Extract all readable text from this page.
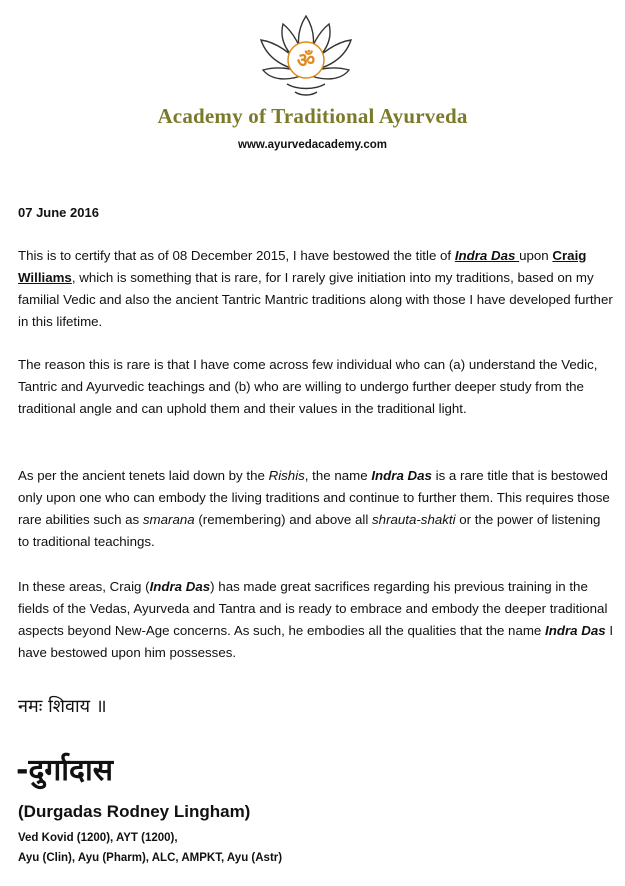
ॐ
Academy of Traditional Ayurveda
www.ayurvedacademy.com
07 June 2016

This is to certify that as of 08 December 2015, I have bestowed the title of Indra Das upon Craig Williams, which is something that is rare, for I rarely give initiation into my traditions, based on my familial Vedic and also the ancient Tantric Mantric traditions along with those I have developed further in this lifetime.

The reason this is rare is that I have come across few individual who can (a) understand the Vedic, Tantric and Ayurvedic teachings and (b) who are willing to undergo further deeper study from the traditional angle and can uphold them and their values in the traditional light.

As per the ancient tenets laid down by the Rishis, the name Indra Das is a rare title that is bestowed only upon one who can embody the living traditions and continue to further them. This requires those rare abilities such as smarana (remembering) and above all shrauta-shakti or the power of listening to traditional teachings.

In these areas, Craig (Indra Das) has made great sacrifices regarding his previous training in the fields of the Vedas, Ayurveda and Tantra and is ready to embrace and embody the deeper traditional aspects beyond New-Age concerns. As such, he embodies all the qualities that the name Indra Das I have bestowed upon him possesses.

नमः शिवाय ॥
-दुर्गादास
(Durgadas Rodney Lingham)
Ved Kovid (1200), AYT (1200),
Ayu (Clin), Ayu (Pharm), ALC, AMPKT, Ayu (Astr)
